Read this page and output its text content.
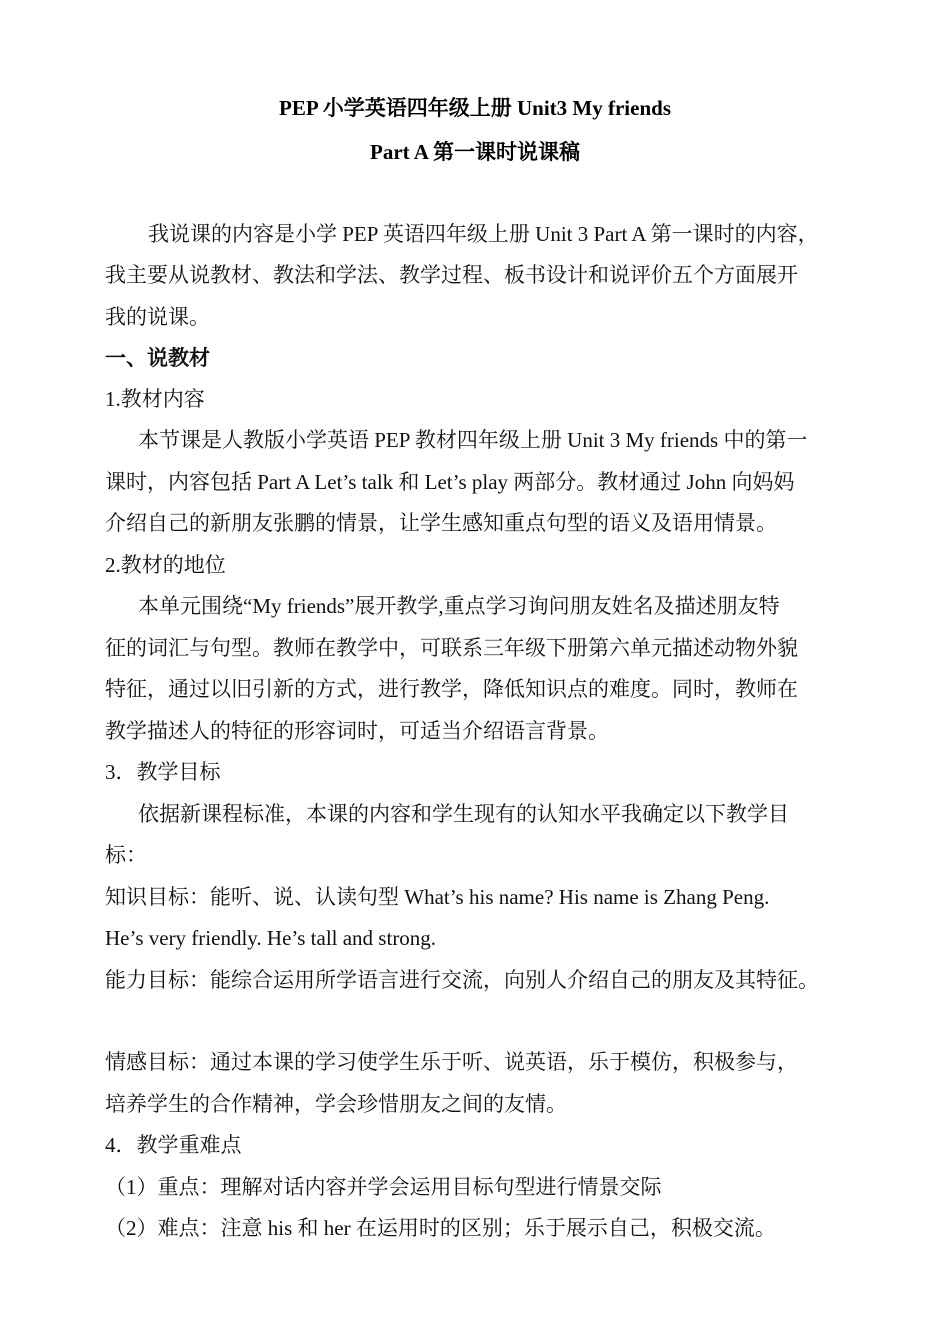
PEP 小学英语四年级上册 Unit3 My friends
Part A 第一课时说课稿
我说课的内容是小学 PEP 英语四年级上册 Unit 3 Part A 第一课时的内容，
我主要从说教材、教法和学法、教学过程、板书设计和说评价五个方面展开
我的说课。
一、说教材
1.教材内容
本节课是人教版小学英语 PEP 教材四年级上册 Unit 3 My friends 中的第一
课时，内容包括 Part A Let’s talk 和 Let’s play 两部分。教材通过 John 向妈妈
介绍自己的新朋友张鹏的情景，让学生感知重点句型的语义及语用情景。
2.教材的地位
本单元围绕“My friends”展开教学,重点学习询问朋友姓名及描述朋友特
征的词汇与句型。教师在教学中，可联系三年级下册第六单元描述动物外貌
特征，通过以旧引新的方式，进行教学，降低知识点的难度。同时，教师在
教学描述人的特征的形容词时，可适当介绍语言背景。
3．教学目标
依据新课程标准，本课的内容和学生现有的认知水平我确定以下教学目
标：
知识目标：能听、说、认读句型 What’s his name? His name is Zhang Peng.
He’s very friendly. He’s tall and strong.
能力目标：能综合运用所学语言进行交流，向别人介绍自己的朋友及其特征。
情感目标：通过本课的学习使学生乐于听、说英语，乐于模仿，积极参与，
培养学生的合作精神，学会珍惜朋友之间的友情。
4．教学重难点
（1）重点：理解对话内容并学会运用目标句型进行情景交际
（2）难点：注意 his 和 her 在运用时的区别；乐于展示自己，积极交流。
